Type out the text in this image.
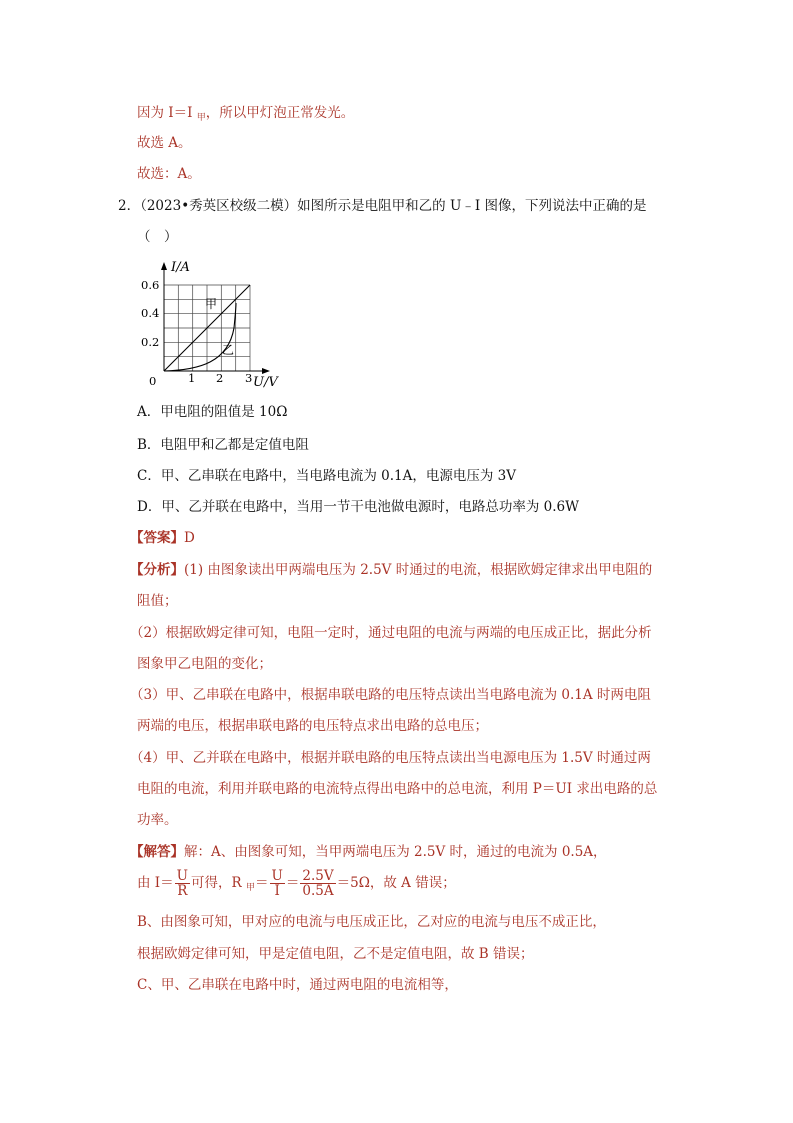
因为 I＝I $_甲$，所以甲灯泡正常发光。
故选 A。
故选：A。
2．（2023•秀英区校级二模）如图所示是电阻甲和乙的 U﹣I 图像，下列说法中正确的是
（　）
I/A
0.6
0.4
0.2
0	1 2 3 U/V
甲
乙
A．甲电阻的阻值是 10Ω
B．电阻甲和乙都是定值电阻
C．甲、乙串联在电路中，当电路电流为 0.1A，电源电压为 3V
D．甲、乙并联在电路中，当用一节干电池做电源时，电路总功率为 0.6W
【答案】D
【分析】(1) 由图象读出甲两端电压为 2.5V 时通过的电流，根据欧姆定律求出甲电阻的
阻值；
（2）根据欧姆定律可知，电阻一定时，通过电阻的电流与两端的电压成正比，据此分析
图象甲乙电阻的变化；
（3）甲、乙串联在电路中，根据串联电路的电压特点读出当电路电流为 0.1A 时两电阻
两端的电压，根据串联电路的电压特点求出电路的总电压；
（4）甲、乙并联在电路中，根据并联电路的电压特点读出当电源电压为 1.5V 时通过两
电阻的电流，利用并联电路的电流特点得出电路中的总电流，利用 P＝UI 求出电路的总
功率。
【解答】解：A、由图象可知，当甲两端电压为 2.5V 时，通过的电流为 0.5A，
由 $I= \frac{U}{R}$ 可得，R $_甲= \frac{U}{I} = \frac{2.5V}{0.5A} =5\Omega$，故 A 错误；
B、由图象可知，甲对应的电流与电压成正比，乙对应的电流与电压不成正比，
根据欧姆定律可知，甲是定值电阻，乙不是定值电阻，故 B 错误；
C、甲、乙串联在电路中时，通过两电阻的电流相等，
